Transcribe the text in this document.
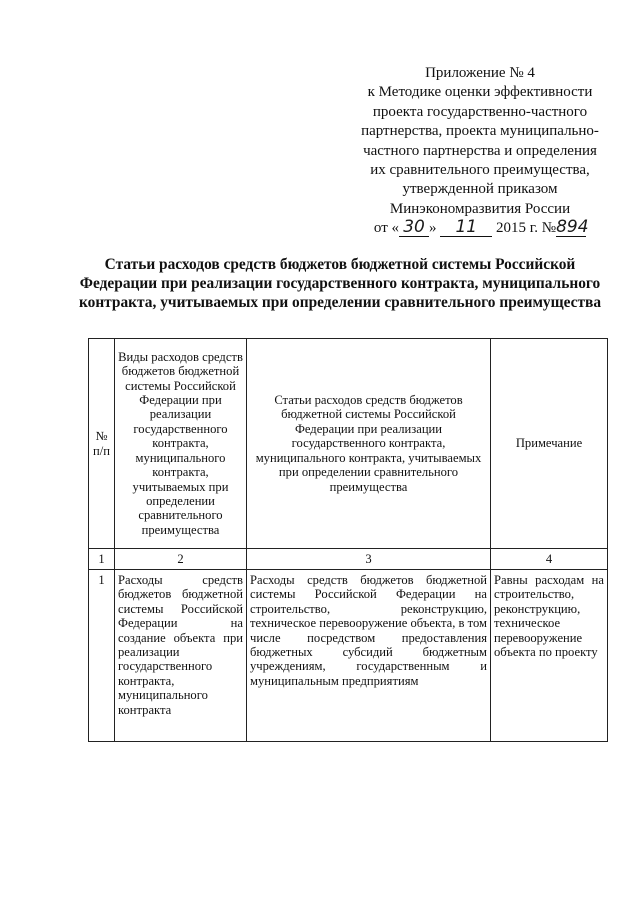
Приложение № 4
к Методике оценки эффективности
проекта государственно-частного
партнерства, проекта муниципально-
частного партнерства и определения
их сравнительного преимущества,
утвержденной приказом
Минэкономразвития России
от « 30 » 11 2015 г. №894
Статьи расходов средств бюджетов бюджетной системы Российской
Федерации при реализации государственного контракта, муниципального
контракта, учитываемых при определении сравнительного преимущества
№ п/п	Виды расходов средств бюджетов бюджетной системы Российской Федерации при реализации государственного контракта, муниципального контракта, учитываемых при определении сравнительного преимущества	Статьи расходов средств бюджетов бюджетной системы Российской Федерации при реализации государственного контракта, муниципального контракта, учитываемых при определении сравнительного преимущества	Примечание
1	2	3	4
1	Расходы средств бюджетов бюджетной системы Российской Федерации на создание объекта при реализации государственного контракта, муниципального контракта	Расходы средств бюджетов бюджетной системы Российской Федерации на строительство, реконструкцию, техническое перевооружение объекта, в том числе посредством предоставления бюджетных субсидий бюджетным учреждениям, государственным и муниципальным предприятиям	Равны расходам на строительство, реконструкцию, техническое перевооружение объекта по проекту
